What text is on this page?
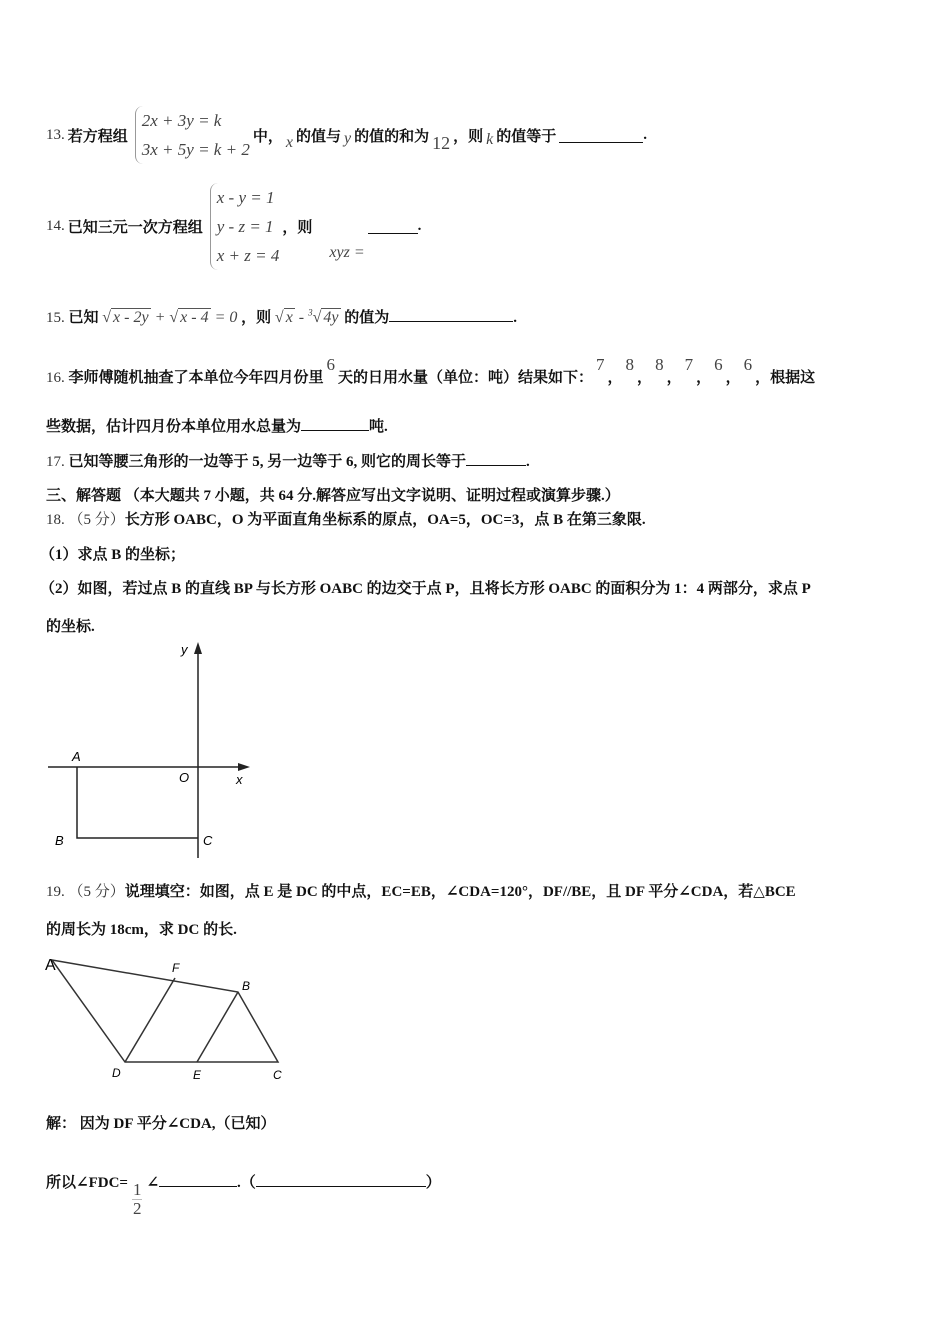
13. 若方程组
2x + 3y = k
3x + 5y = k + 2
中， x 的值与 y 的值的和为 12 ，则 k 的值等于	.
14. 已知三元一次方程组
x - y = 1
y - z = 1
x + z = 4
，则
xyz =
.
15. 已知 √ x - 2y + √ x - 4 = 0 ，则 √ x - $^3$√ 4y 的值为	.
16. 李师傅随机抽查了本单位今年四月份里6天的日用水量（单位：吨）结果如下：7，8，8，7，6，6，根据这
些数据，估计四月份本单位用水总量为	吨.
17. 已知等腰三角形的一边等于 5, 另一边等于 6, 则它的周长等于	.
三、解答题 （本大题共 7 小题，共 64 分.解答应写出文字说明、证明过程或演算步骤.）
18. （5 分）长方形 OABC，O 为平面直角坐标系的原点，OA=5，OC=3，点 B 在第三象限.
（1）求点 B 的坐标；
（2）如图，若过点 B 的直线 BP 与长方形 OABC 的边交于点 P，且将长方形 OABC 的面积分为 1：4 两部分，求点 P
的坐标.
y
A
O	x
B	C
19. （5 分）说理填空：如图，点 E 是 DC 的中点，EC=EB，∠CDA=120°，DF//BE，且 DF 平分∠CDA，若△BCE
的周长为 18cm，求 DC 的长.
A	F
B
D	E	C
解： 因为 DF 平分∠CDA,（已知）
所以∠FDC= $\frac{1}{2}$ ∠	.（	）
